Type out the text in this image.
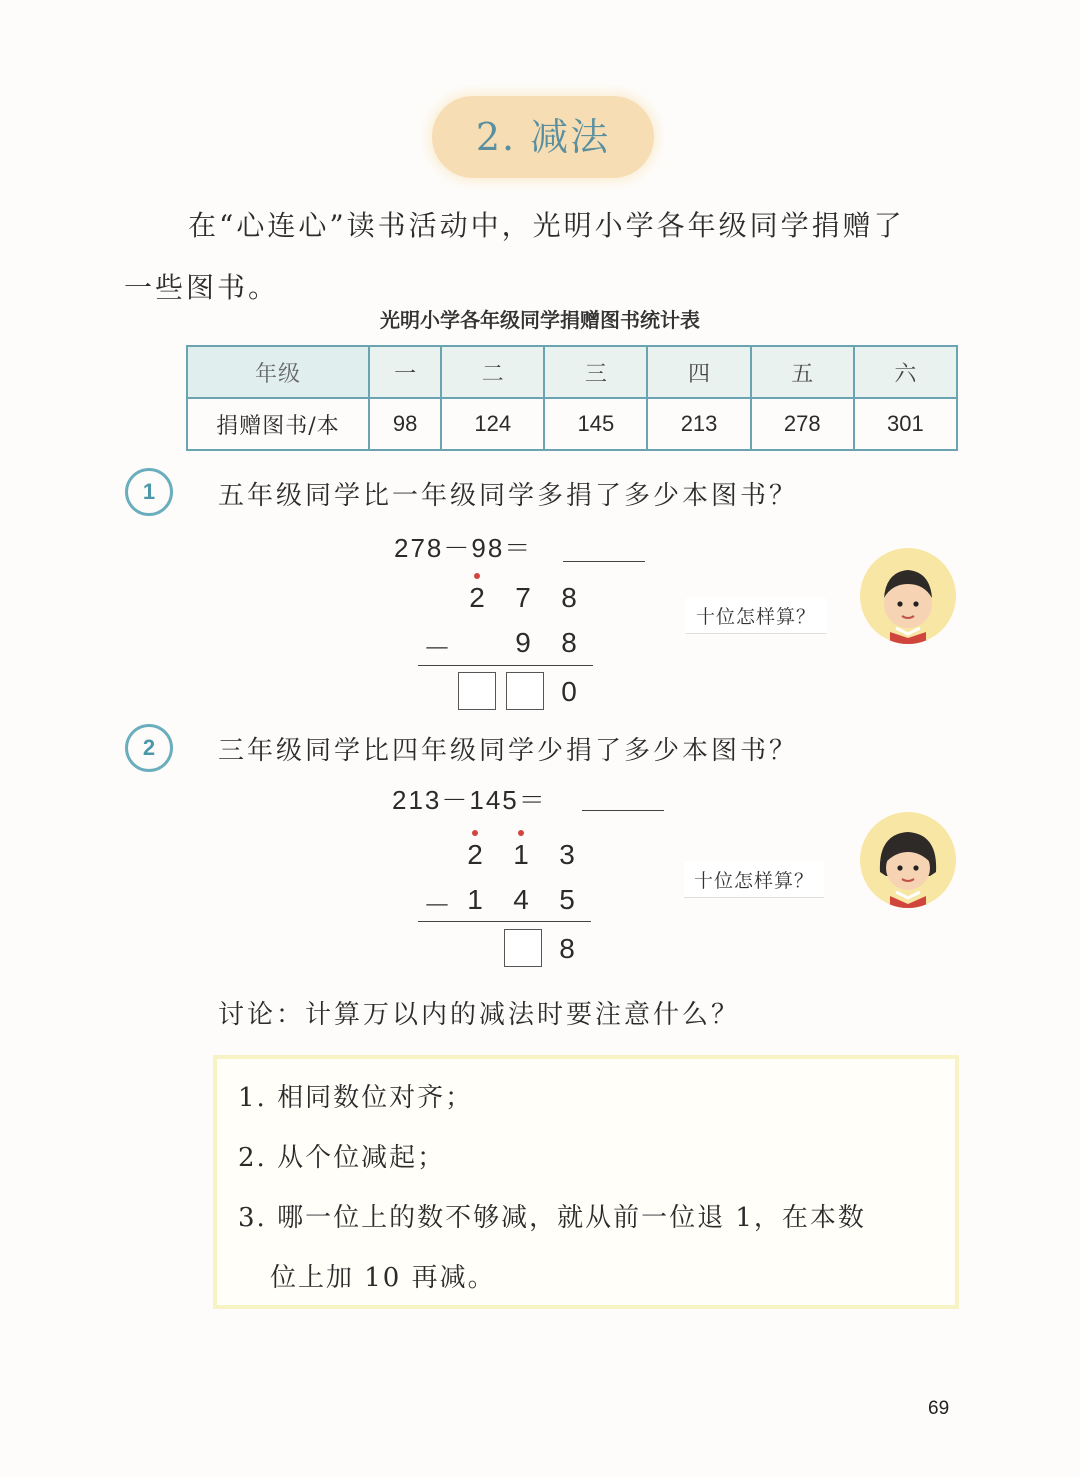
2. 减法
在“心连心”读书活动中，光明小学各年级同学捐赠了
一些图书。
光明小学各年级同学捐赠图书统计表
年级	一	二	三	四	五	六
捐赠图书/本	98	124	145	213	278	301
1	五年级同学比一年级同学多捐了多少本图书？
278－98＝
2 7 8
－ 9 8
0
十位怎样算？
2	三年级同学比四年级同学少捐了多少本图书？
213－145＝
2 1 3
－ 1 4 5
8
十位怎样算？
讨论：计算万以内的减法时要注意什么？
1. 相同数位对齐；
2. 从个位减起；
3. 哪一位上的数不够减，就从前一位退 1，在本数
位上加 10 再减。
69
